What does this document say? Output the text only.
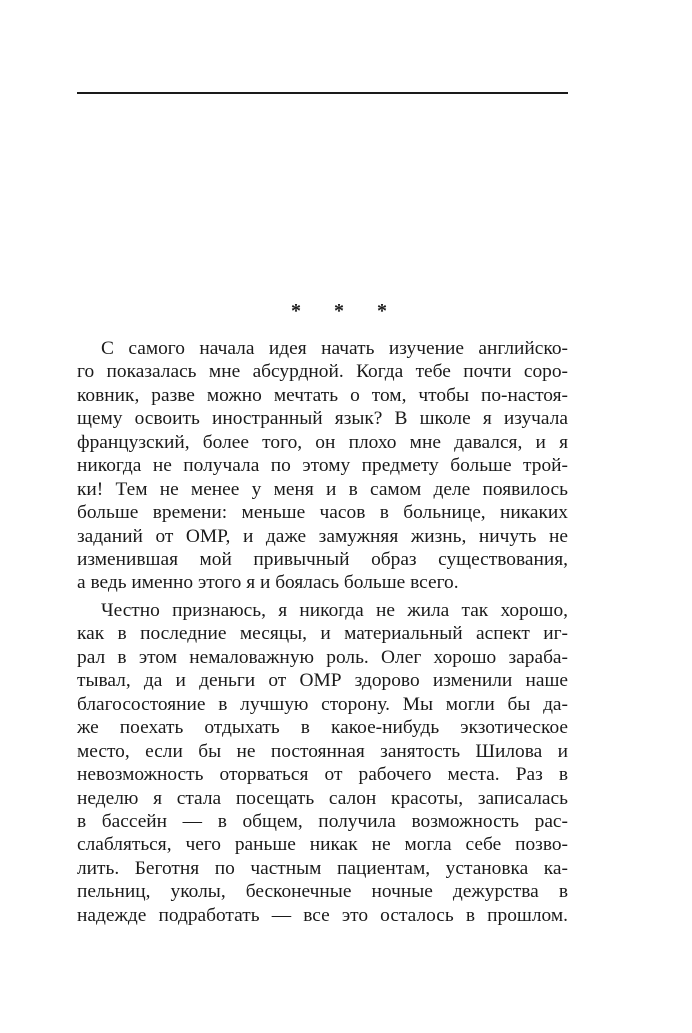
* * *
С самого начала идея начать изучение английско-
го показалась мне абсурдной. Когда тебе почти соро-
ковник, разве можно мечтать о том, чтобы по-настоя-
щему освоить иностранный язык? В школе я изучала
французский, более того, он плохо мне давался, и я
никогда не получала по этому предмету больше трой-
ки! Тем не менее у меня и в самом деле появилось
больше времени: меньше часов в больнице, никаких
заданий от ОМР, и даже замужняя жизнь, ничуть не
изменившая мой привычный образ существования,
а ведь именно этого я и боялась больше всего.
Честно признаюсь, я никогда не жила так хорошо,
как в последние месяцы, и материальный аспект иг-
рал в этом немаловажную роль. Олег хорошо зараба-
тывал, да и деньги от ОМР здорово изменили наше
благосостояние в лучшую сторону. Мы могли бы да-
же поехать отдыхать в какое-нибудь экзотическое
место, если бы не постоянная занятость Шилова и
невозможность оторваться от рабочего места. Раз в
неделю я стала посещать салон красоты, записалась
в бассейн — в общем, получила возможность рас-
слабляться, чего раньше никак не могла себе позво-
лить. Беготня по частным пациентам, установка ка-
пельниц, уколы, бесконечные ночные дежурства в
надежде подработать — все это осталось в прошлом.
